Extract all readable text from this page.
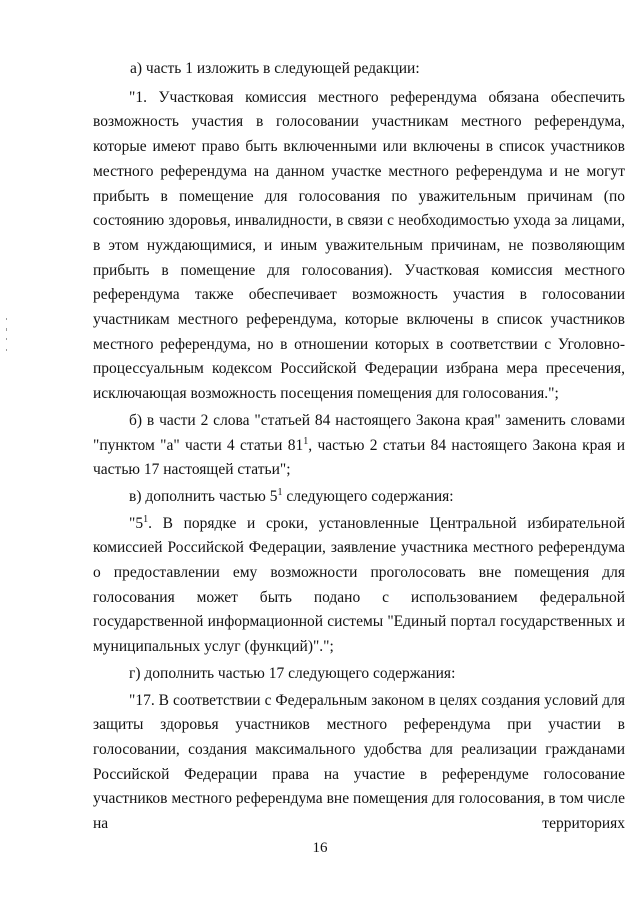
а) часть 1 изложить в следующей редакции:

"1. Участковая комиссия местного референдума обязана обеспечить возможность участия в голосовании участникам местного референдума, которые имеют право быть включенными или включены в список участников местного референдума на данном участке местного референдума и не могут прибыть в помещение для голосования по уважительным причинам (по состоянию здоровья, инвалидности, в связи с необходимостью ухода за лицами, в этом нуждающимися, и иным уважительным причинам, не позволяющим прибыть в помещение для голосования). Участковая комиссия местного референдума также обеспечивает возможность участия в голосовании участникам местного референдума, которые включены в список участников местного референдума, но в отношении которых в соответствии с Уголовно-процессуальным кодексом Российской Федерации избрана мера пресечения, исключающая возможность посещения помещения для голосования.";

б) в части 2 слова "статьей 84 настоящего Закона края" заменить словами "пунктом "а" части 4 статьи $81^1$, частью 2 статьи 84 настоящего Закона края и частью 17 настоящей статьи";

в) дополнить частью $5^1$ следующего содержания:

"$5^1$. В порядке и сроки, установленные Центральной избирательной комиссией Российской Федерации, заявление участника местного референдума о предоставлении ему возможности проголосовать вне помещения для голосования может быть подано с использованием федеральной государственной информационной системы "Единый портал государственных и муниципальных услуг (функций)".";

г) дополнить частью 17 следующего содержания:

"17. В соответствии с Федеральным законом в целях создания условий для защиты здоровья участников местного референдума при участии в голосовании, создания максимального удобства для реализации гражданами Российской Федерации права на участие в референдуме голосование участников местного референдума вне помещения для голосования, в том числе на территориях

16
